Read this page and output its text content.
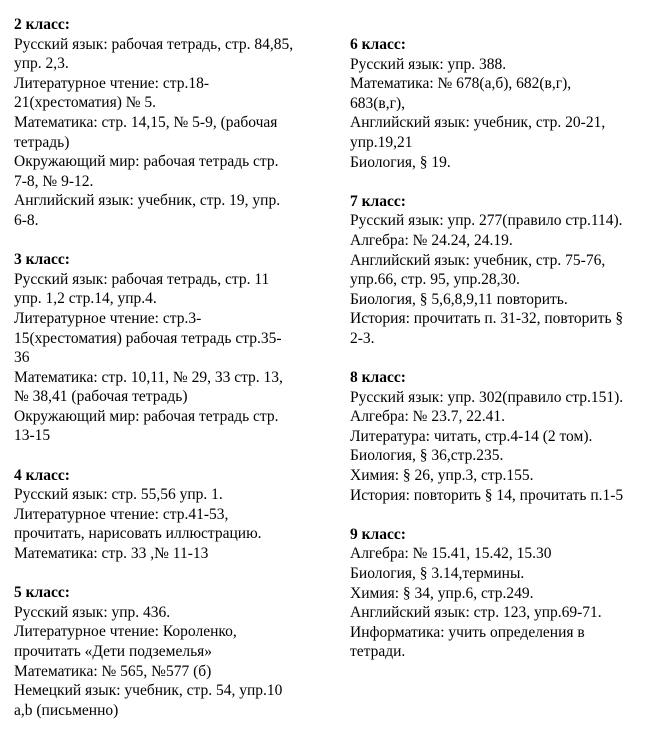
2 класс:
Русский язык: рабочая тетрадь, стр. 84,85,
упр. 2,3.
Литературное чтение: стр.18-
21(хрестоматия) № 5.
Математика: стр. 14,15, № 5-9, (рабочая
тетрадь)
Окружающий мир: рабочая тетрадь стр.
7-8, № 9-12.
Английский язык: учебник, стр. 19, упр.
6-8.
3 класс:
Русский язык: рабочая тетрадь, стр. 11
упр. 1,2 стр.14, упр.4.
Литературное чтение: стр.3-
15(хрестоматия) рабочая тетрадь стр.35-
36
Математика: стр. 10,11, № 29, 33 стр. 13,
№ 38,41 (рабочая тетрадь)
Окружающий мир: рабочая тетрадь стр.
13-15
4 класс:
Русский язык: стр. 55,56 упр. 1.
Литературное чтение: стр.41-53,
прочитать, нарисовать иллюстрацию.
Математика: стр. 33 ,№ 11-13
5 класс:
Русский язык: упр. 436.
Литературное чтение: Короленко,
прочитать «Дети подземелья»
Математика: № 565, №577 (б)
Немецкий язык: учебник, стр. 54, упр.10
a,b (письменно)
6 класс:
Русский язык: упр. 388.
Математика: № 678(а,б), 682(в,г),
683(в,г),
Английский язык: учебник, стр. 20-21,
упр.19,21
Биология, § 19.
7 класс:
Русский язык: упр. 277(правило стр.114).
Алгебра: № 24.24, 24.19.
Английский язык: учебник, стр. 75-76,
упр.66, стр. 95, упр.28,30.
Биология, § 5,6,8,9,11 повторить.
История: прочитать п. 31-32, повторить §
2-3.
8 класс:
Русский язык: упр. 302(правило стр.151).
Алгебра: № 23.7, 22.41.
Литература: читать, стр.4-14 (2 том).
Биология, § 36,стр.235.
Химия: § 26, упр.3, стр.155.
История: повторить § 14, прочитать п.1-5
9 класс:
Алгебра: № 15.41, 15.42, 15.30
Биология, § 3.14,термины.
Химия: § 34, упр.6, стр.249.
Английский язык: стр. 123, упр.69-71.
Информатика: учить определения в
тетради.
